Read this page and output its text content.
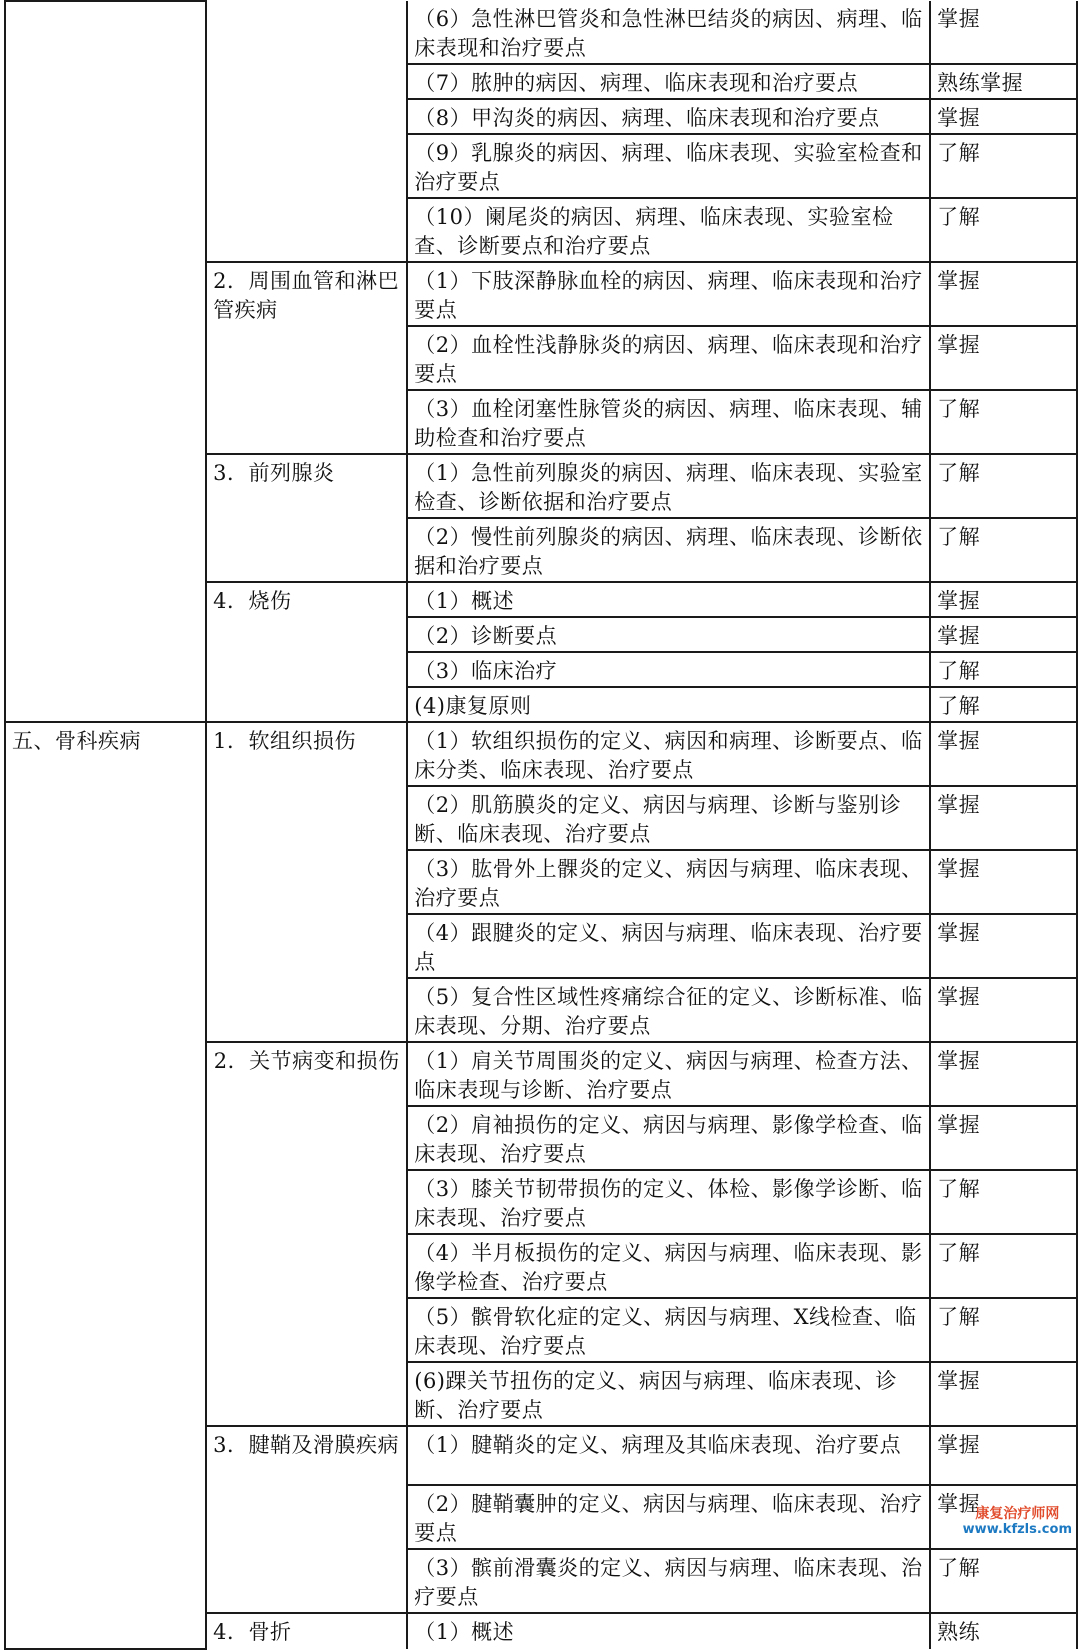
		（6）急性淋巴管炎和急性淋巴结炎的病因、病理、临床表现和治疗要点	掌握
		（7）脓肿的病因、病理、临床表现和治疗要点	熟练掌握
		（8）甲沟炎的病因、病理、临床表现和治疗要点	掌握
		（9）乳腺炎的病因、病理、临床表现、实验室检查和治疗要点	了解
		（10）阑尾炎的病因、病理、临床表现、实验室检查、诊断要点和治疗要点	了解
	2．周围血管和淋巴管疾病	（1）下肢深静脉血栓的病因、病理、临床表现和治疗要点	掌握
		（2）血栓性浅静脉炎的病因、病理、临床表现和治疗要点	掌握
		（3）血栓闭塞性脉管炎的病因、病理、临床表现、辅助检查和治疗要点	了解
	3．前列腺炎	（1）急性前列腺炎的病因、病理、临床表现、实验室检查、诊断依据和治疗要点	了解
		（2）慢性前列腺炎的病因、病理、临床表现、诊断依据和治疗要点	了解
	4．烧伤	（1）概述	掌握
		（2）诊断要点	掌握
		（3）临床治疗	了解
		(4)康复原则	了解
五、骨科疾病	1．软组织损伤	（1）软组织损伤的定义、病因和病理、诊断要点、临床分类、临床表现、治疗要点	掌握
		（2）肌筋膜炎的定义、病因与病理、诊断与鉴别诊断、临床表现、治疗要点	掌握
		（3）肱骨外上髁炎的定义、病因与病理、临床表现、治疗要点	掌握
		（4）跟腱炎的定义、病因与病理、临床表现、治疗要点	掌握
		（5）复合性区域性疼痛综合征的定义、诊断标准、临床表现、分期、治疗要点	掌握
	2．关节病变和损伤	（1）肩关节周围炎的定义、病因与病理、检查方法、临床表现与诊断、治疗要点	掌握
		（2）肩袖损伤的定义、病因与病理、影像学检查、临床表现、治疗要点	掌握
		（3）膝关节韧带损伤的定义、体检、影像学诊断、临床表现、治疗要点	了解
		（4）半月板损伤的定义、病因与病理、临床表现、影像学检查、治疗要点	了解
		（5）髌骨软化症的定义、病因与病理、X线检查、临床表现、治疗要点	了解
		(6)踝关节扭伤的定义、病因与病理、临床表现、诊断、治疗要点	掌握
	3．腱鞘及滑膜疾病	（1）腱鞘炎的定义、病理及其临床表现、治疗要点	掌握
		（2）腱鞘囊肿的定义、病因与病理、临床表现、治疗要点	掌握
		（3）髌前滑囊炎的定义、病因与病理、临床表现、治疗要点	了解
	4．骨折	（1）概述	熟练
康复治疗师网
www.kfzls.com
